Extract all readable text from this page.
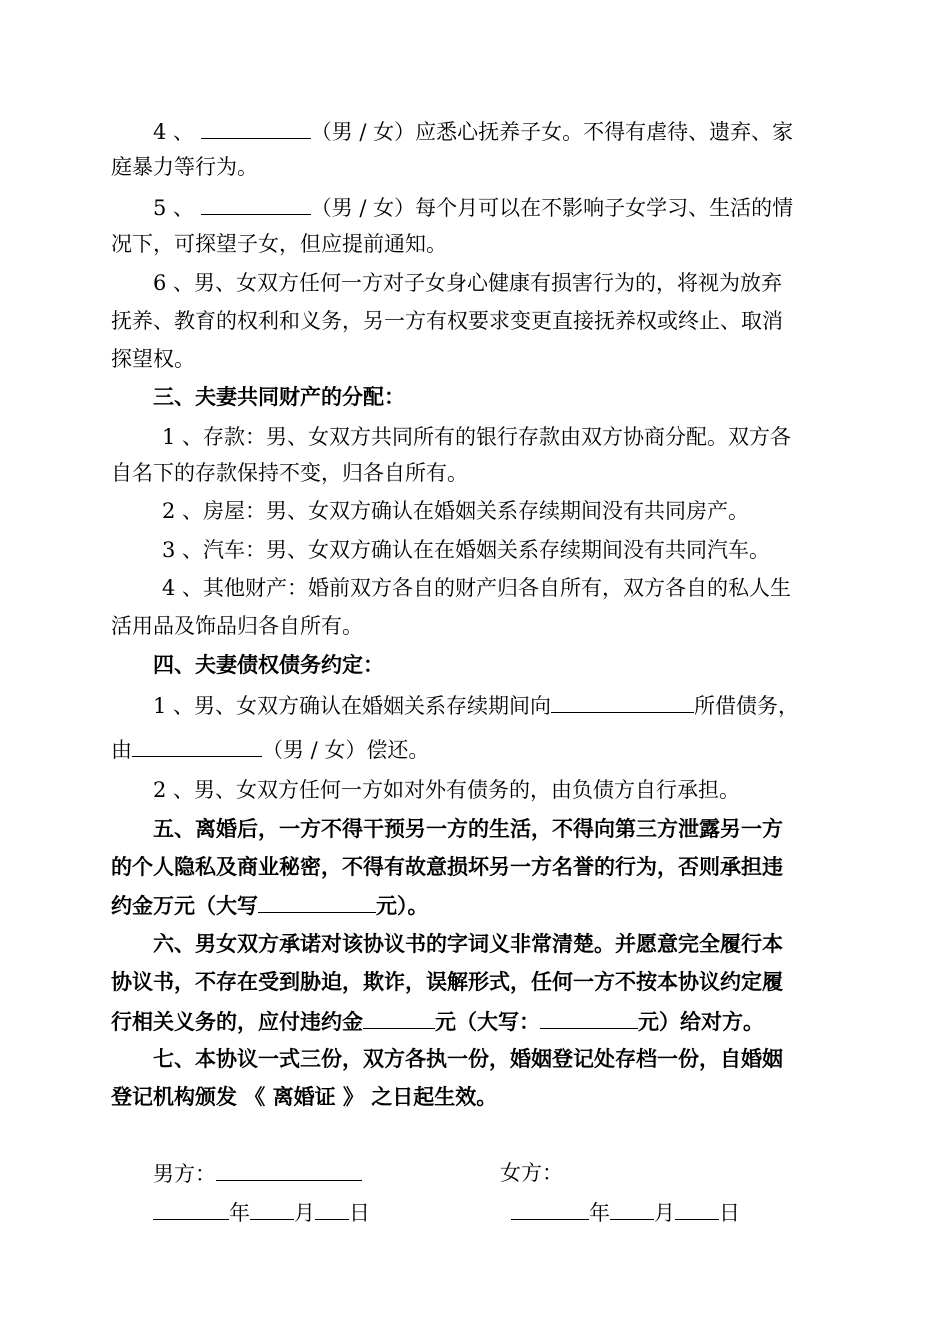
4 、	（男 / 女）应悉心抚养子女。不得有虐待、遗弃、家
庭暴力等行为。
5 、	（男 / 女）每个月可以在不影响子女学习、生活的情
况下，可探望子女，但应提前通知。
6 、男、女双方任何一方对子女身心健康有损害行为的，将视为放弃
抚养、教育的权利和义务，另一方有权要求变更直接抚养权或终止、取消
探望权。
三、夫妻共同财产的分配：
1 、存款：男、女双方共同所有的银行存款由双方协商分配。双方各
自名下的存款保持不变，归各自所有。
2 、房屋：男、女双方确认在婚姻关系存续期间没有共同房产。
3 、汽车：男、女双方确认在在婚姻关系存续期间没有共同汽车。
4 、其他财产：婚前双方各自的财产归各自所有，双方各自的私人生
活用品及饰品归各自所有。
四、夫妻债权债务约定：
1 、男、女双方确认在婚姻关系存续期间向	所借债务，
由	（男 / 女）偿还。
2 、男、女双方任何一方如对外有债务的，由负债方自行承担。
五、离婚后，一方不得干预另一方的生活，不得向第三方泄露另一方
的个人隐私及商业秘密，不得有故意损坏另一方名誉的行为，否则承担违
约金万元（大写	元）。
六、男女双方承诺对该协议书的字词义非常清楚。并愿意完全履行本
协议书，不存在受到胁迫，欺诈，误解形式，任何一方不按本协议约定履
行相关义务的，应付违约金	元（大写：	元）给对方。
七、本协议一式三份，双方各执一份，婚姻登记处存档一份，自婚姻
登记机构颁发 《 离婚证 》 之日起生效。
男方：	女方：
年 月 日	年 月 日
